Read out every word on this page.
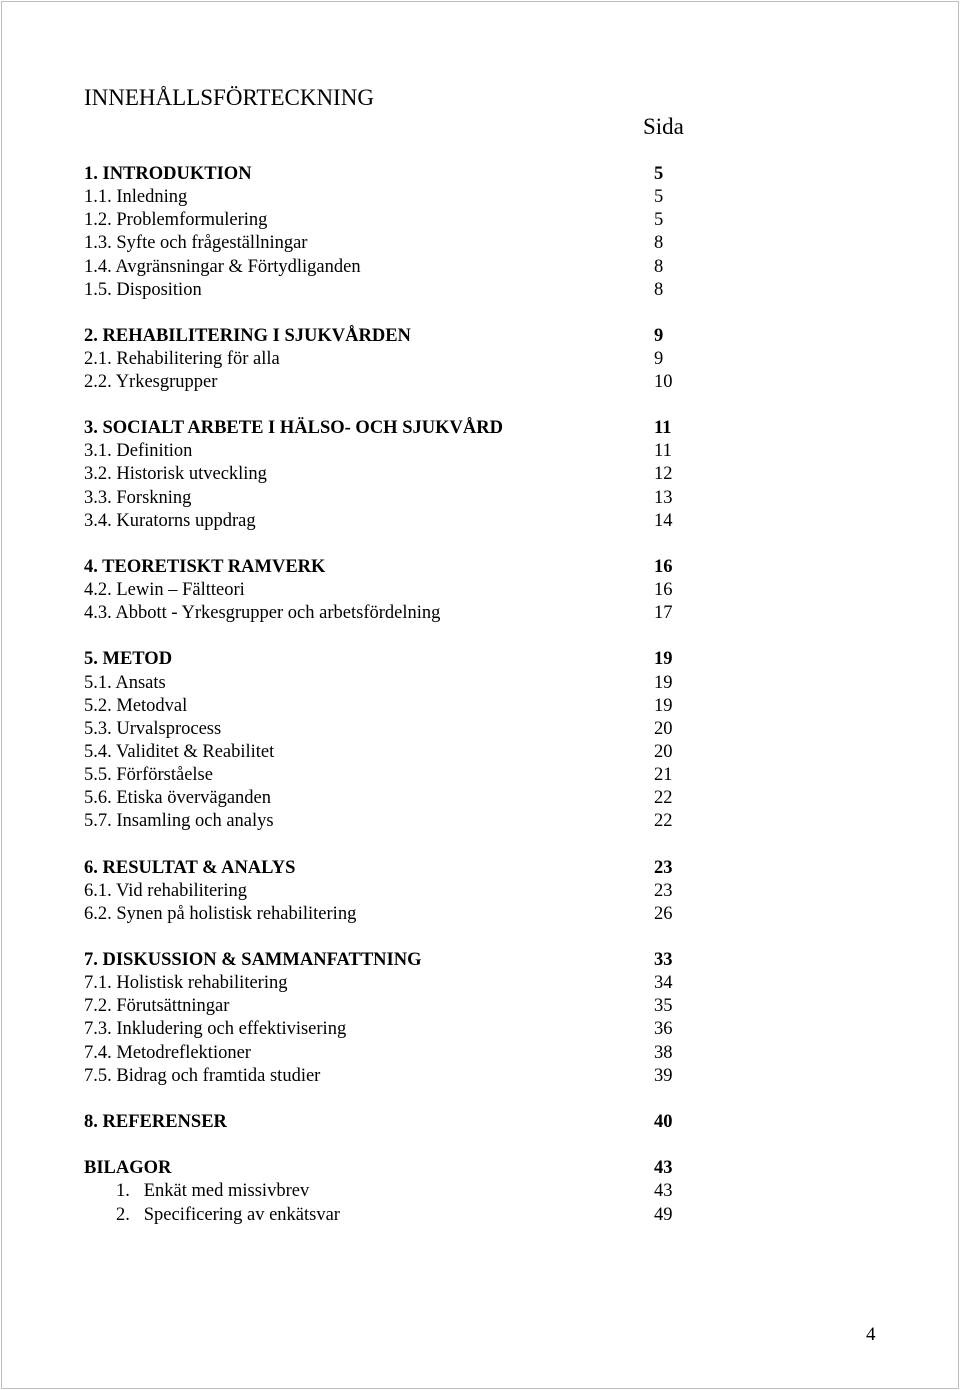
INNEHÅLLSFÖRTECKNING
Sida
1. INTRODUKTION	5
1.1. Inledning	5
1.2. Problemformulering	5
1.3. Syfte och frågeställningar	8
1.4. Avgränsningar & Förtydliganden	8
1.5. Disposition	8
2. REHABILITERING I SJUKVÅRDEN	9
2.1. Rehabilitering för alla	9
2.2. Yrkesgrupper	10
3. SOCIALT ARBETE I HÄLSO- OCH SJUKVÅRD	11
3.1. Definition	11
3.2. Historisk utveckling	12
3.3. Forskning	13
3.4. Kuratorns uppdrag	14
4. TEORETISKT RAMVERK	16
4.2. Lewin – Fältteori	16
4.3. Abbott - Yrkesgrupper och arbetsfördelning	17
5. METOD	19
5.1. Ansats	19
5.2. Metodval	19
5.3. Urvalsprocess	20
5.4. Validitet & Reabilitet	20
5.5. Förförståelse	21
5.6. Etiska överväganden	22
5.7. Insamling och analys	22
6. RESULTAT & ANALYS	23
6.1. Vid rehabilitering	23
6.2. Synen på holistisk rehabilitering	26
7. DISKUSSION & SAMMANFATTNING	33
7.1. Holistisk rehabilitering	34
7.2. Förutsättningar	35
7.3. Inkludering och effektivisering	36
7.4. Metodreflektioner	38
7.5. Bidrag och framtida studier	39
8. REFERENSER	40
BILAGOR	43
1.   Enkät med missivbrev	43
2.   Specificering av enkätsvar	49
4
